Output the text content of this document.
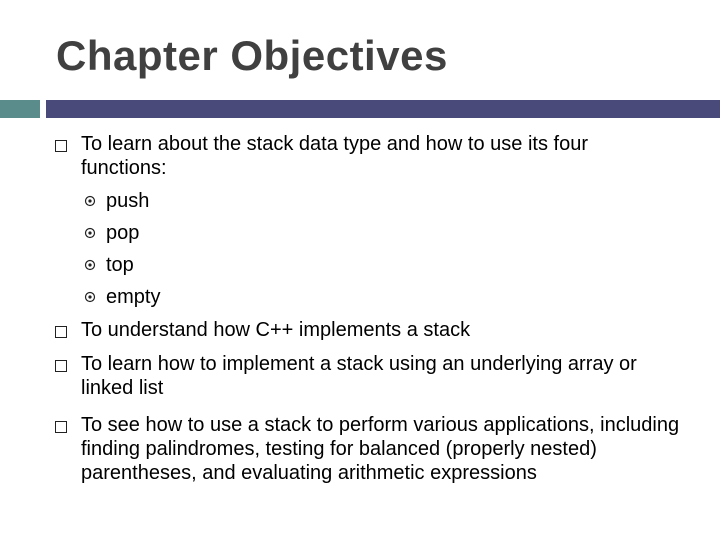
Chapter Objectives
To learn about the stack data type and how to use its four functions:
push
pop
top
empty
To understand how C++ implements a stack
To learn how to implement a stack using an underlying array or linked list
To see how to use a stack to perform various applications, including finding palindromes, testing for balanced (properly nested) parentheses, and evaluating arithmetic expressions
